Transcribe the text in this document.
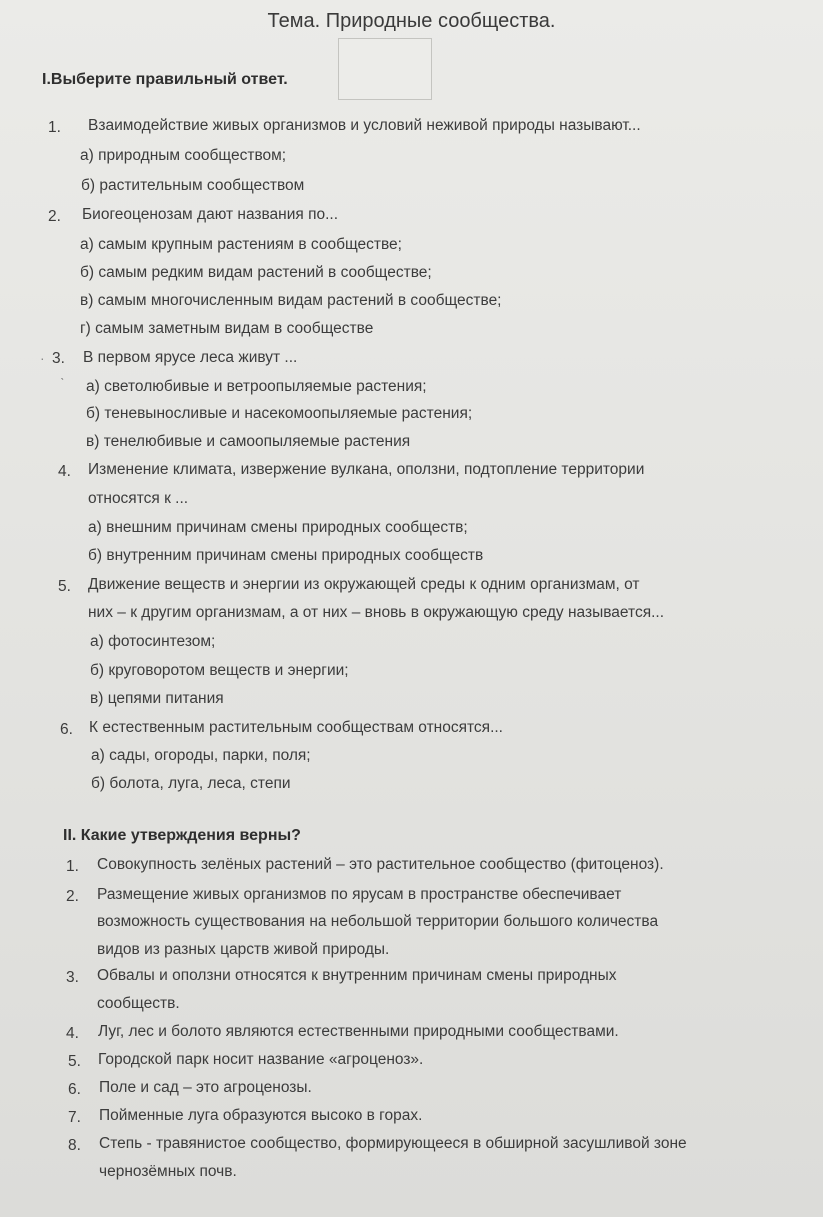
Тема. Природные сообщества.
I.Выберите правильный ответ.
1. Взаимодействие живых организмов и условий неживой природы называют...
а) природным сообществом;
б) растительным сообществом
2. Биогеоценозам дают названия по...
а) самым крупным растениям в сообществе;
б) самым редким видам растений в сообществе;
в) самым многочисленным видам растений в сообществе;
г) самым заметным видам в сообществе
· 3. В первом ярусе леса живут ...
ˋ а) светолюбивые и ветроопыляемые растения;
б) теневыносливые и насекомоопыляемые растения;
в) тенелюбивые и самоопыляемые растения
4. Изменение климата, извержение вулкана, оползни, подтопление территории
относятся к ...
а) внешним причинам смены природных сообществ;
б) внутренним причинам смены природных сообществ
5. Движение веществ и энергии из окружающей среды к одним организмам, от
них – к другим организмам, а от них – вновь в окружающую среду называется...
а) фотосинтезом;
б) круговоротом веществ и энергии;
в) цепями питания
6. К естественным растительным сообществам относятся...
а) сады, огороды, парки, поля;
б) болота, луга, леса, степи
II. Какие утверждения верны?
1. Совокупность зелёных растений – это растительное сообщество (фитоценоз).
2. Размещение живых организмов по ярусам в пространстве обеспечивает
возможность существования на небольшой территории большого количества
видов из разных царств живой природы.
3. Обвалы и оползни относятся к внутренним причинам смены природных
сообществ.
4. Луг, лес и болото являются естественными природными сообществами.
5. Городской парк носит название «агроценоз».
6. Поле и сад – это агроценозы.
7. Пойменные луга образуются высоко в горах.
8. Степь - травянистое сообщество, формирующееся в обширной засушливой зоне
чернозёмных почв.
